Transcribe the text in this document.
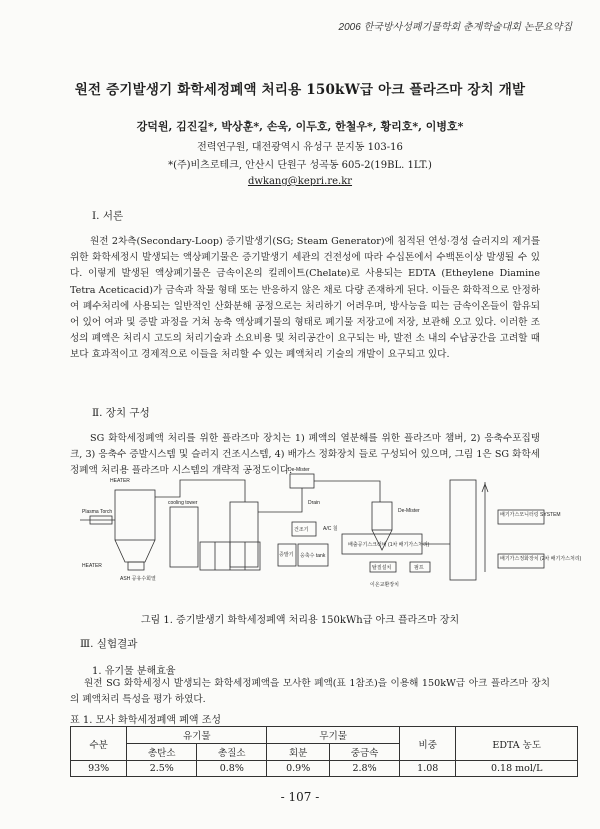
2006 한국방사성폐기물학회 춘계학술대회 논문요약집
원전 증기발생기 화학세정폐액 처리용 150kW급 아크 플라즈마 장치 개발
강덕원, 김진길*, 박상훈*, 손욱, 이두호, 한철우*, 황리호*, 이병호*
전력연구원, 대전광역시 유성구 문지동 103-16
*(주)비츠로테크, 안산시 단원구 성곡동 605-2(19BL. 1LT.)
dwkang@kepri.re.kr
Ⅰ. 서론

원전 2차측(Secondary-Loop) 증기발생기(SG; Steam Generator)에 침적된 연성·경성 슬러지의 제거를 위한 화학세정시 발생되는 액상폐기물은 증기발생기 세관의 건전성에 따라 수십톤에서 수백톤이상 발생될 수 있다. 이렇게 발생된 액상폐기물은 금속이온의 킬레이트(Chelate)로 사용되는 EDTA (Etheylene Diamine Tetra Aceticacid)가 금속과 착물 형태 또는 반응하지 않은 채로 다량 존재하게 된다. 이들은 화학적으로 안정하여 폐수처리에 사용되는 일반적인 산화분해 공정으로는 처리하기 어려우며, 방사능을 띠는 금속이온들이 함유되어 있어 여과 및 증발 과정을 거쳐 농축 액상폐기물의 형태로 폐기물 저장고에 저장, 보관해 오고 있다. 이러한 조성의 폐액은 처리시 고도의 처리기술과 소요비용 및 처리공간이 요구되는 바, 발전 소 내의 수납공간을 고려할 때 보다 효과적이고 경제적으로 이들을 처리할 수 있는 폐액처리 기술의 개발이 요구되고 있다.

Ⅱ. 장치 구성

SG 화학세정폐액 처리를 위한 플라즈마 장치는 1) 폐액의 열분해를 위한 플라즈마 챔버, 2) 응축수포집탱크, 3) 응축수 증발시스템 및 슬러지 건조시스템, 4) 배가스 정화장치 들로 구성되어 있으며, 그림 1은 SG 화학세정폐액 처리용 플라즈마 시스템의 개략적 공정도이다.

Plasma Torch
HEATER
HEATER
ASH 공유수회열
cooling tower
De-Mister
Drain
건조기
증발기 응축수 tank
A/C 칠
De-Mister
배출공기스크러버 (1차 배기가스처리)
탈질설치	펌프
이온교환장치
배기가스모니터링 SYSTEM
배기가스정화장치 (2차 배기가스처리)
그림 1. 증기발생기 화학세정폐액 처리용 150kWh급 아크 플라즈마 장치
Ⅲ. 실험결과
1. 유기물 분해효율

원전 SG 화학세정시 발생되는 화학세정폐액을 모사한 폐액(표 1참조)을 이용해 150kW급 아크 플라즈마 장치의 폐액처리 특성을 평가 하였다.

표 1. 모사 화학세정폐액 폐액 조성
수분	유기물		무기물		비중	EDTA 농도
	총탄소	총질소	회분	중금속		
93%	2.5%	0.8%	0.9%	2.8%	1.08	0.18 mol/L
- 107 -
